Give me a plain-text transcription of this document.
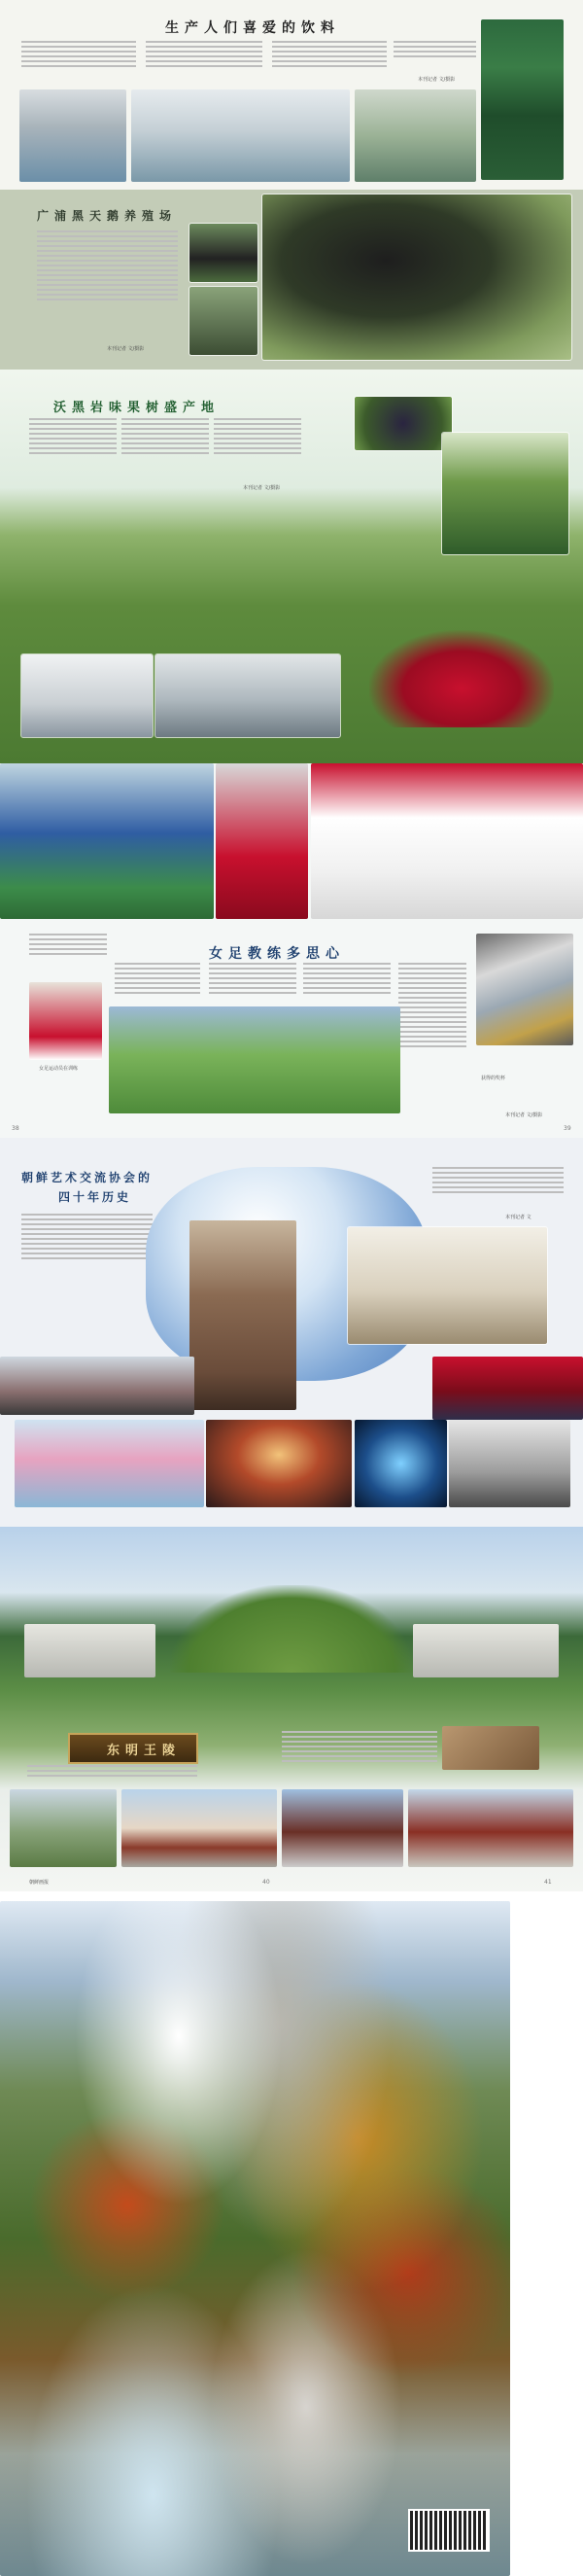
生产人们喜爱的饮料
本刊记者 文/摄影
广浦黑天鹅养殖场
本刊记者 文/摄影
沃黑岩味果树盛产地
本刊记者 文/摄影
女足教练多思心
女足运动员在训练
获得的奖杯
本刊记者 文/摄影
38	39
朝鲜艺术交流协会的
四十年历史
本刊记者 文
东明王陵
朝鲜画报	40	41
